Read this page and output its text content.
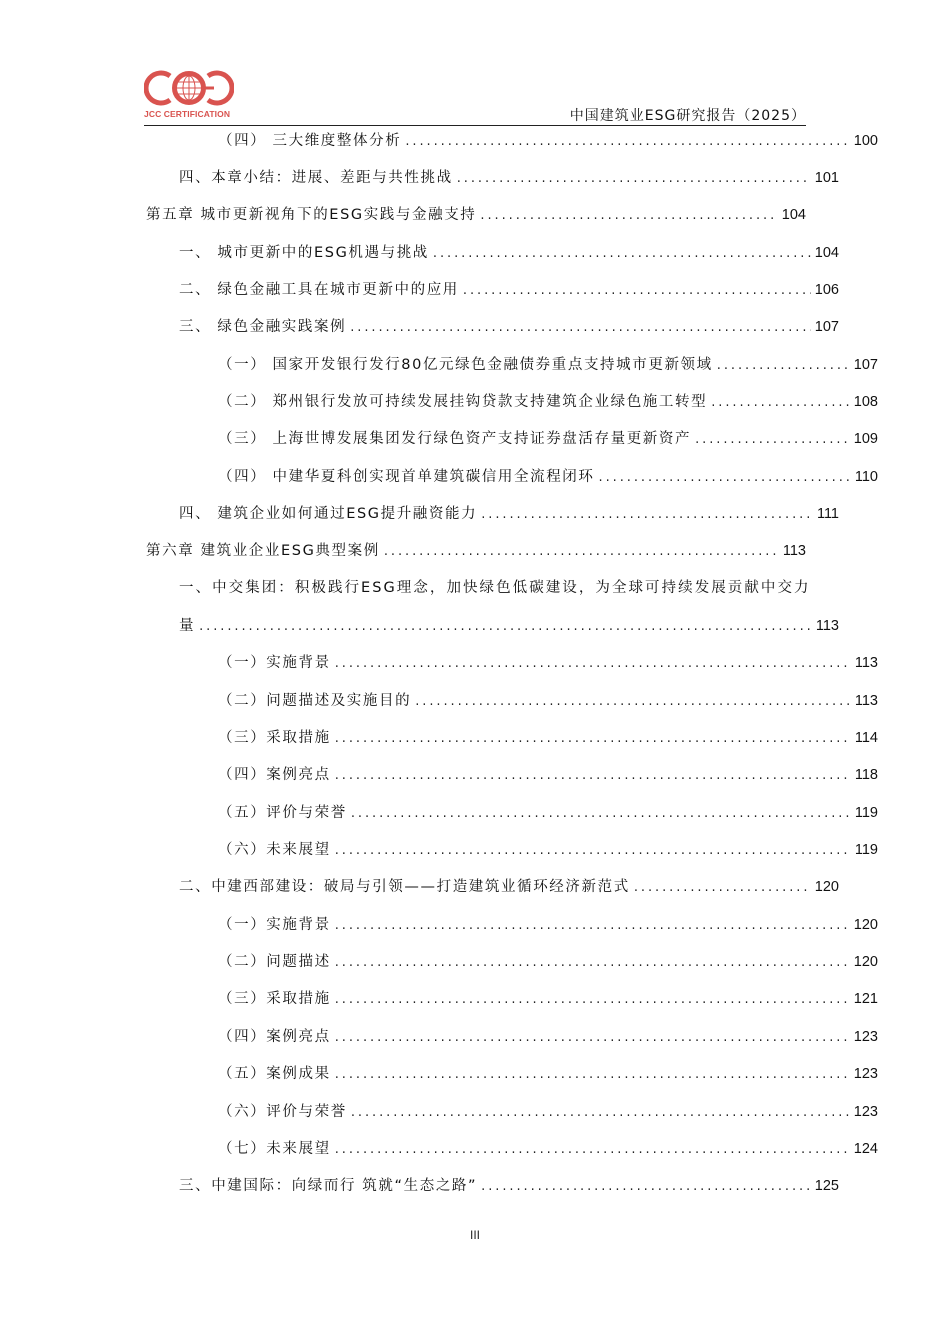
JCC CERTIFICATION	中国建筑业ESG研究报告（2025）
（四） 三大维度整体分析 . . .	100
四、本章小结：进展、差距与共性挑战 . . .	101
第五章 城市更新视角下的ESG实践与金融支持 . . .	104
一、 城市更新中的ESG机遇与挑战 . . .	104
二、 绿色金融工具在城市更新中的应用 . . .	106
三、 绿色金融实践案例 . . .	107
（一） 国家开发银行发行80亿元绿色金融债券重点支持城市更新领域 . . .	107
（二） 郑州银行发放可持续发展挂钩贷款支持建筑企业绿色施工转型 . . .	108
（三） 上海世博发展集团发行绿色资产支持证券盘活存量更新资产 . . .	109
（四） 中建华夏科创实现首单建筑碳信用全流程闭环 . . .	110
四、 建筑企业如何通过ESG提升融资能力 . . .	111
第六章 建筑业企业ESG典型案例 . . .	113
一、中交集团：积极践行ESG理念，加快绿色低碳建设，为全球可持续发展贡献中交力
量 . . .	113
（一）实施背景 . . .	113
（二）问题描述及实施目的 . . .	113
（三）采取措施 . . .	114
（四）案例亮点 . . .	118
（五）评价与荣誉 . . .	119
（六）未来展望 . . .	119
二、中建西部建设：破局与引领——打造建筑业循环经济新范式 . . .	120
（一）实施背景 . . .	120
（二）问题描述 . . .	120
（三）采取措施 . . .	121
（四）案例亮点 . . .	123
（五）案例成果 . . .	123
（六）评价与荣誉 . . .	123
（七）未来展望 . . .	124
三、中建国际：向绿而行 筑就“生态之路” . . .	125
III
